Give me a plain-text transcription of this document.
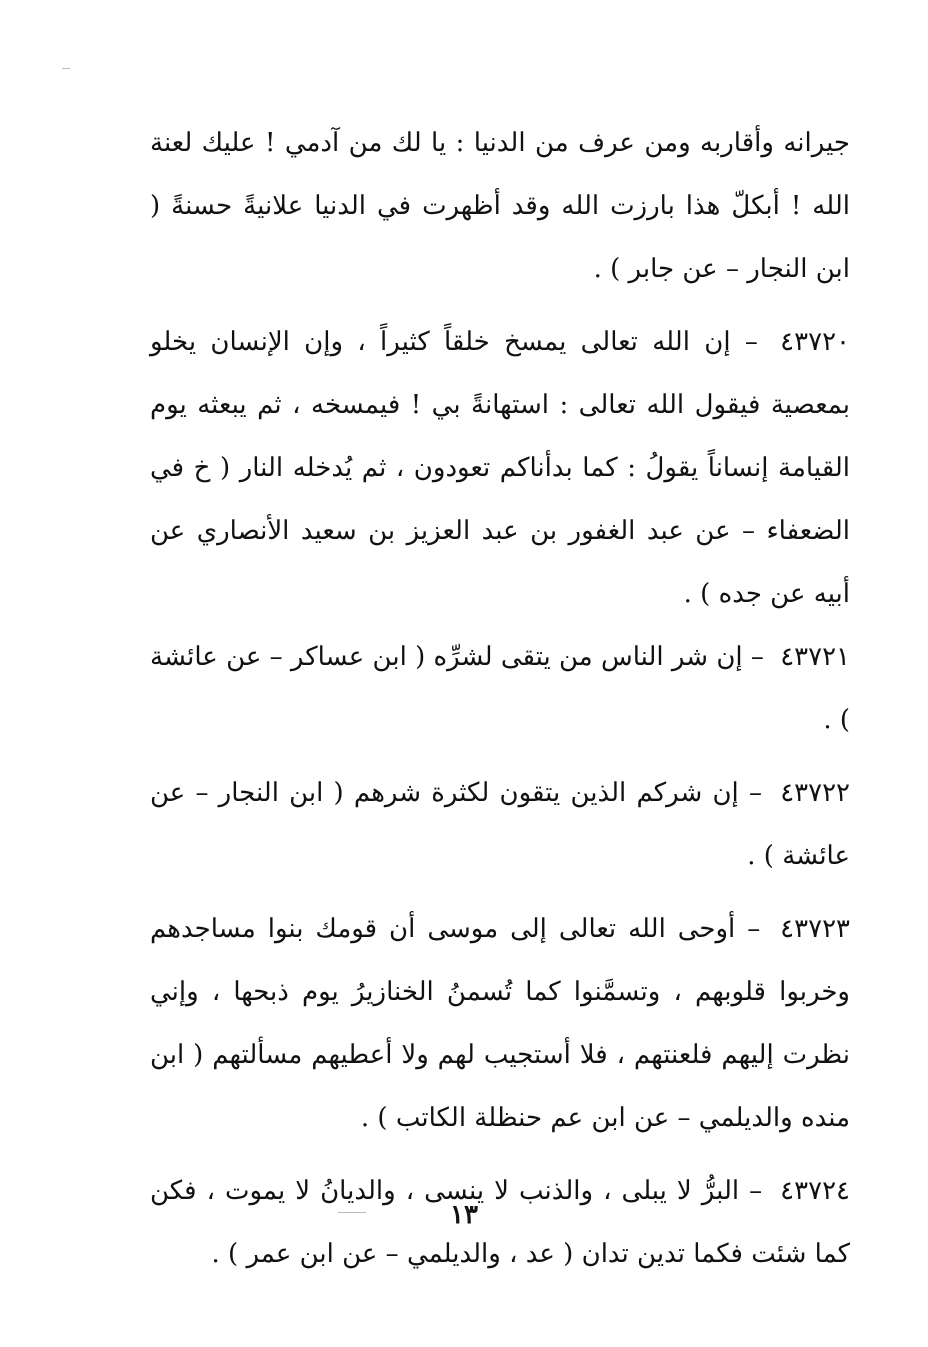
جيرانه وأقاربه ومن عرف من الدنيا : يا لك من آدمي ! عليك لعنة الله ! أبكلّ هذا بارزت الله وقد أظهرت في الدنيا علانيةً حسنةً ( ابن النجار – عن جابر ) .

٤٣٧٢٠ – إن الله تعالى يمسخ خلقاً كثيراً ، وإن الإنسان يخلو بمعصية فيقول الله تعالى : استهانةً بي ! فيمسخه ، ثم يبعثه يوم القيامة إنساناً يقولُ : كما بدأناكم تعودون ، ثم يُدخله النار ( خ في الضعفاء – عن عبد الغفور بن عبد العزيز بن سعيد الأنصاري عن أبيه عن جده ) .

٤٣٧٢١ – إن شر الناس من يتقى لشرِّه ( ابن عساكر – عن عائشة ) .

٤٣٧٢٢ – إن شركم الذين يتقون لكثرة شرهم ( ابن النجار – عن عائشة ) .

٤٣٧٢٣ – أوحى الله تعالى إلى موسى أن قومك بنوا مساجدهم وخربوا قلوبهم ، وتسمَّنوا كما تُسمنُ الخنازيرُ يوم ذبحها ، وإني نظرت إليهم فلعنتهم ، فلا أستجيب لهم ولا أعطيهم مسألتهم ( ابن منده والديلمي – عن ابن عم حنظلة الكاتب ) .

٤٣٧٢٤ – البرُّ لا يبلى ، والذنب لا ينسى ، والديانُ لا يموت ، فكن كما شئت فكما تدين تدان ( عد ، والديلمي – عن ابن عمر ) .

١٣
